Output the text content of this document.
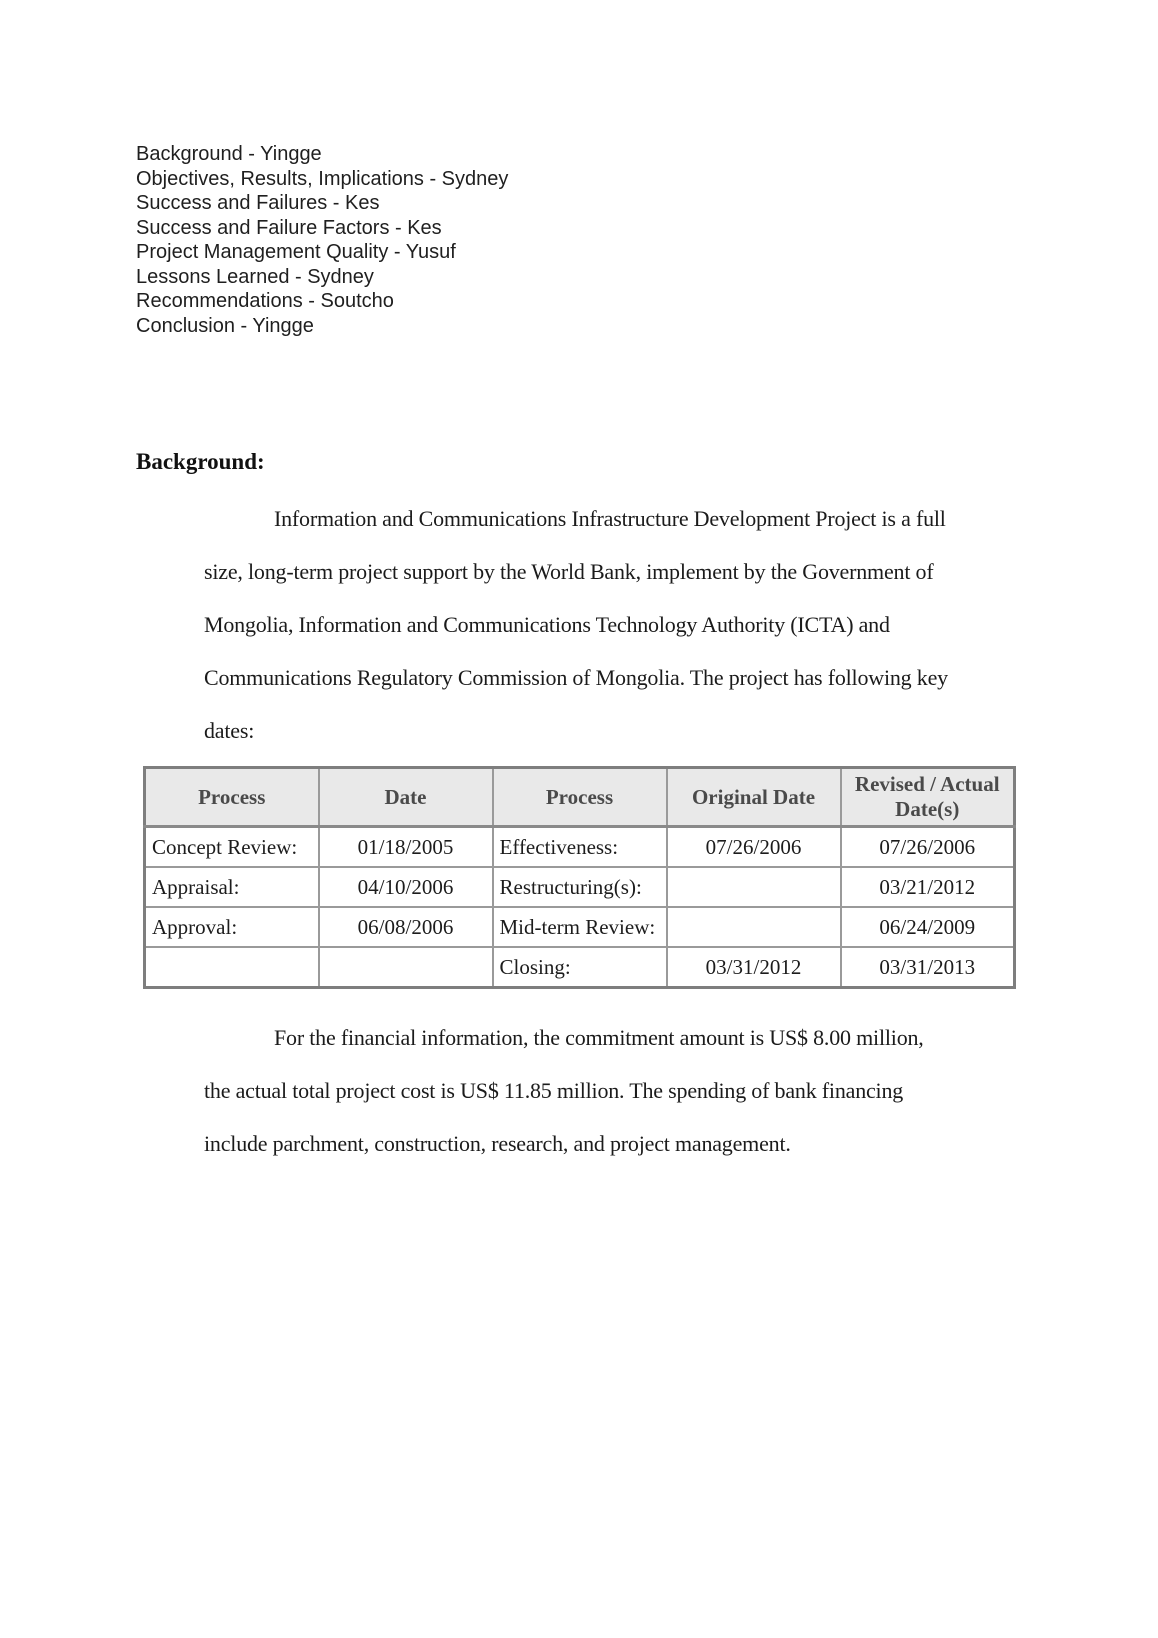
Background - Yingge
Objectives, Results, Implications - Sydney
Success and Failures - Kes
Success and Failure Factors - Kes
Project Management Quality - Yusuf
Lessons Learned - Sydney
Recommendations - Soutcho
Conclusion - Yingge
Background:
Information and Communications Infrastructure Development Project is a full
size, long-term project support by the World Bank, implement by the Government of
Mongolia, Information and Communications Technology Authority (ICTA) and
Communications Regulatory Commission of Mongolia. The project has following key
dates:
Process	Date	Process	Original Date	Revised / Actual Date(s)
Concept Review:	01/18/2005	Effectiveness:	07/26/2006	07/26/2006
Appraisal:	04/10/2006	Restructuring(s):		03/21/2012
Approval:	06/08/2006	Mid-term Review:		06/24/2009
		Closing:	03/31/2012	03/31/2013
For the financial information, the commitment amount is US$ 8.00 million,
the actual total project cost is US$ 11.85 million. The spending of bank financing
include parchment, construction, research, and project management.
